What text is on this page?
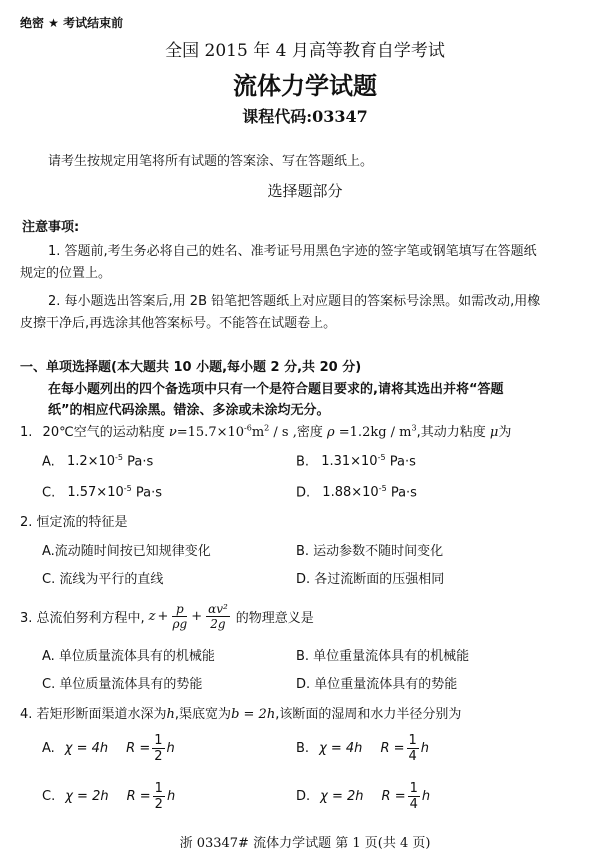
绝密 ★ 考试结束前
全国 2015 年 4 月高等教育自学考试
流体力学试题
课程代码:03347
请考生按规定用笔将所有试题的答案涂、写在答题纸上。
选择题部分
注意事项:
1. 答题前,考生务必将自己的姓名、准考证号用黑色字迹的签字笔或钢笔填写在答题纸
规定的位置上。
2. 每小题选出答案后,用 2B 铅笔把答题纸上对应题目的答案标号涂黑。如需改动,用橡
皮擦干净后,再选涂其他答案标号。不能答在试题卷上。
一、单项选择题(本大题共 10 小题,每小题 2 分,共 20 分)
在每小题列出的四个备选项中只有一个是符合题目要求的,请将其选出并将“答题
纸”的相应代码涂黑。错涂、多涂或未涂均无分。
1. 20℃空气的运动粘度 $\nu=15.7\times 10^{-6}m^2 / s$ ,密度 $\rho =1.2kg / m^3$,其动力粘度 μ为
A. $1.2\times 10^{-5}$ Pa·s	B. $1.31\times 10^{-5}$ Pa·s
C. $1.57\times 10^{-5}$ Pa·s	D. $1.88\times 10^{-5}$ Pa·s
2. 恒定流的特征是
A.流动随时间按已知规律变化	B. 运动参数不随时间变化
C. 流线为平行的直线	D. 各过流断面的压强相同
3. 总流伯努利方程中, $z + \frac{p}{\rho g} + \frac{\text{αv²}}{2g}$ 的物理意义是
A. 单位质量流体具有的机械能	B. 单位重量流体具有的机械能
C. 单位质量流体具有的势能	D. 单位重量流体具有的势能
4. 若矩形断面渠道水深为h,渠底宽为b = 2h,该断面的湿周和水力半径分别为
A. χ = 4h $R = \frac{1}{2}$ h	B. χ = 4h $R = \frac{1}{4}$ h
C. χ = 2h $R = \frac{1}{2}$ h	D. χ = 2h $R = \frac{1}{4}$ h
浙 03347# 流体力学试题 第 1 页(共 4 页)
